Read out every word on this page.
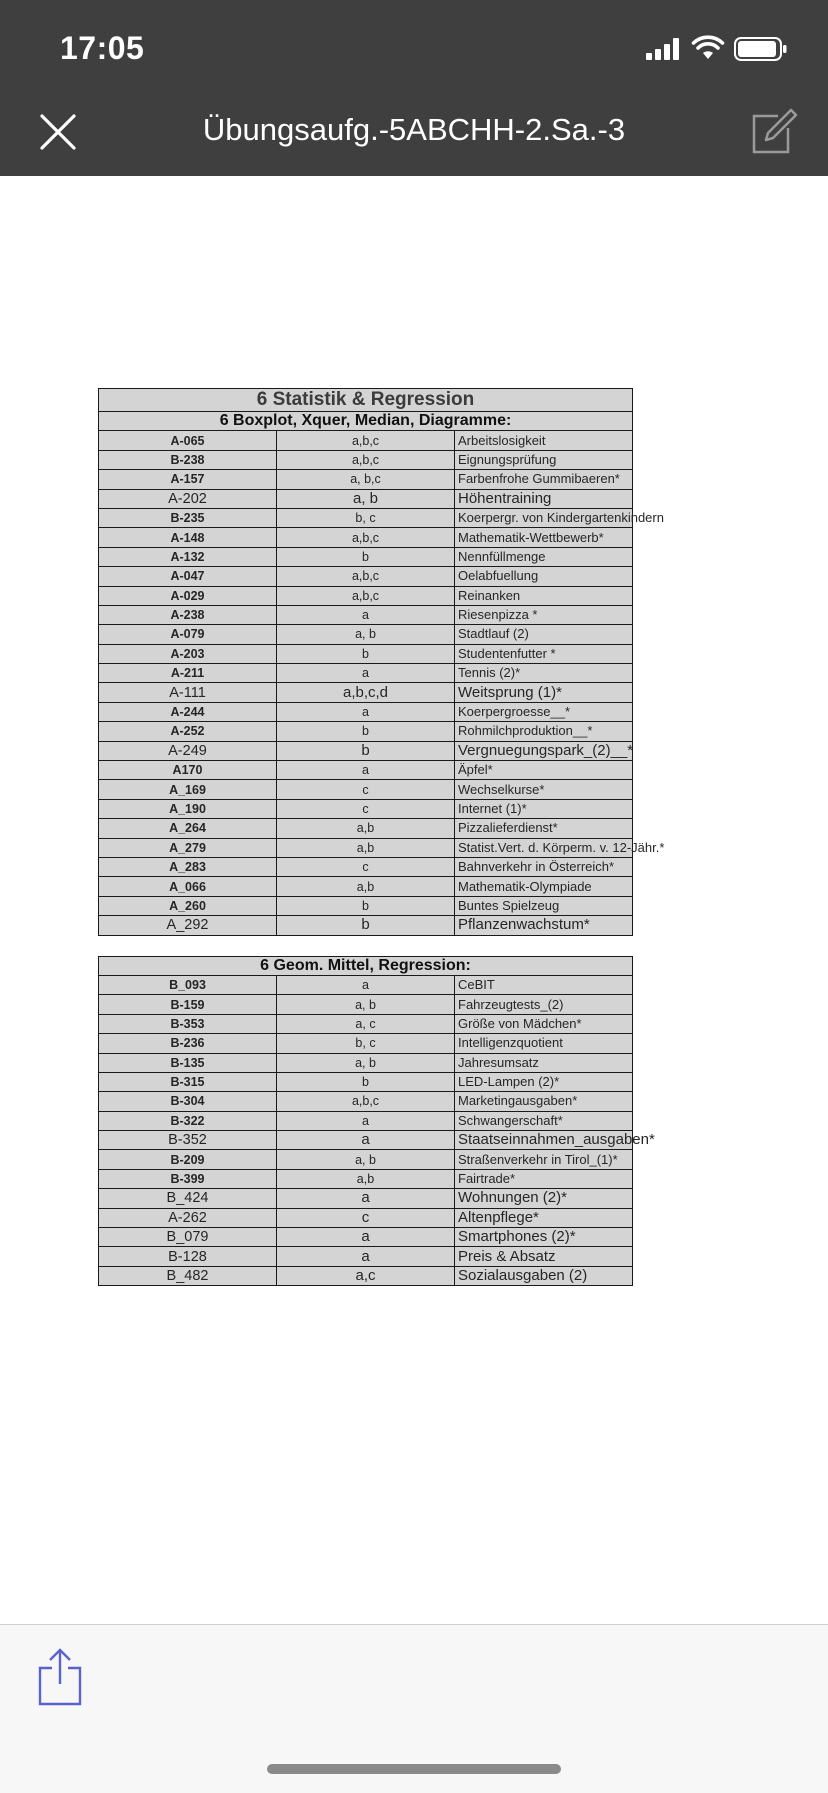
17:05
Übungsaufg.-5ABCHH-2.Sa.-3
6 Statistik & Regression		
6 Boxplot, Xquer, Median, Diagramme:		
A-065	a,b,c	Arbeitslosigkeit
B-238	a,b,c	Eignungsprüfung
A-157	a, b,c	Farbenfrohe Gummibaeren*
A-202	a, b	Höhentraining
B-235	b, c	Koerpergr. von Kindergartenkindern
A-148	a,b,c	Mathematik-Wettbewerb*
A-132	b	Nennfüllmenge
A-047	a,b,c	Oelabfuellung
A-029	a,b,c	Reinanken
A-238	a	Riesenpizza *
A-079	a, b	Stadtlauf (2)
A-203	b	Studentenfutter *
A-211	a	Tennis (2)*
A-111	a,b,c,d	Weitsprung (1)*
A-244	a	Koerpergroesse__*
A-252	b	Rohmilchproduktion__*
A-249	b	Vergnuegungspark_(2)__*
A170	a	Äpfel*
A_169	c	Wechselkurse*
A_190	c	Internet (1)*
A_264	a,b	Pizzalieferdienst*
A_279	a,b	Statist.Vert. d. Körperm. v. 12-Jähr.*
A_283	c	Bahnverkehr in Österreich*
A_066	a,b	Mathematik-Olympiade
A_260	b	Buntes Spielzeug
A_292	b	Pflanzenwachstum*
6 Geom. Mittel, Regression:		
B_093	a	CeBIT
B-159	a, b	Fahrzeugtests_(2)
B-353	a, c	Größe von Mädchen*
B-236	b, c	Intelligenzquotient
B-135	a, b	Jahresumsatz
B-315	b	LED-Lampen (2)*
B-304	a,b,c	Marketingausgaben*
B-322	a	Schwangerschaft*
B-352	a	Staatseinnahmen_ausgaben*
B-209	a, b	Straßenverkehr in Tirol_(1)*
B-399	a,b	Fairtrade*
B_424	a	Wohnungen (2)*
A-262	c	Altenpflege*
B_079	a	Smartphones (2)*
B-128	a	Preis & Absatz
B_482	a,c	Sozialausgaben (2)
